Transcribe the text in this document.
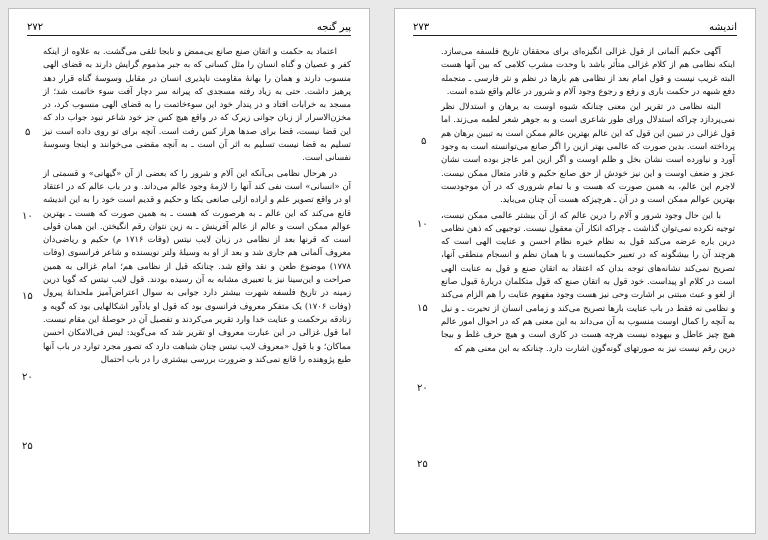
۲۷۲	پیر گنجه
۵
۱۰
۱۵
۲۰
۲۵

اعتماد به حکمت و اتقان صنع صانع بی‌ممض و نابجا تلقی می‌گشت. به علاوه از اینکه کفر و عصیان و گناه انسان را مثل کسانی که به جبر مذموم گرایش دارند به قضای الهی منسوب دارند و همان را بهانهٔ مقاومت ناپذیری انسان در مقابل وسوسهٔ گناه قرار دهد پرهیز داشت. حتی به زیاد رفته مسجدی که پیرانه سر دچار آفت سوء خاتمت شد؛ از مسجد به خرابات افتاد و در پندار خود این سوءخاتمت را به قضای الهی منسوب کرد، در مخزن‌الاسرار از زبان جوانی زیرک که در واقع هیچ کس جز خود شاعر نبود جواب داد که این قضا نیست، قضا برای صدها هزار کس رفت است. آنچه برای تو روی داده است نیز تسلیم به قضا نیست تسلیم به اثر آن است ـ به آنچه مقضی می‌خوانند و اینجا وسوسهٔ نفسانی است.

در هرحال نظامی بی‌آنکه این آلام و شرور را که بعضی از آن «گیهانی» و قسمتی از آن «انسانی» است نفی کند آنها را لازمهٔ وجود عالم می‌داند. و در باب عالم که در اعتقاد او در واقع تصویر علم و اراده ازلی صانعی یکتا و حکیم و قدیم است خود را به این اندیشه قانع می‌کند که این عالم ـ به هرصورت که هست ـ به همین صورت که هست ـ بهترین عوالم ممکن است و عالم از عالم آفرینش ـ به زین نتوان رقم انگیختن. این همان قولی است که قرنها بعد از نظامی در زبان لایب نیتس (وفات ۱۷۱۶ م) حکیم و ریاضی‌دان معروف آلمانی هم جاری شد و بعد از او به وسیلهٔ ولتر نویسنده و شاعر فرانسوی (وفات ۱۷۷۸) موضوع طعن و نقد واقع شد. چنانکه قبل از نظامی هم؛ امام غزالی به همین صراحت و این‌سینا نیز با تعبیری مشابه به آن رسیده بودند. قول لایب نیتس که گویا درین زمینه در تاریخ فلسفه شهرت بیشتر دارد جوابی به سوال اعتراض‌آمیز ملحدانهٔ پیرول (وفات ۱۷۰۶) یک متفکر معروف فرانسوی بود که قول او یادآور اشکالهایی بود که گویه و زنادقه برحکمت و عنایت خدا وارد تقریر می‌کردند و تفصیل آن در حوصلهٔ این مقام نیست. اما قول غزالی در این عبارت معروف او تقریر شد که می‌گوید: لیس فی‌الامکان احسن مماکان؛ و با قول «معروف لایب نیتس چنان شباهت دارد که تصور مجرد توارد در باب آنها طبع پژوهنده را قانع نمی‌کند و ضرورت بررسی بیشتری را در باب احتمال

۲۷۳	اندیشه
۵
۱۰
۱۵
۲۰
۲۵

آگهی حکیم آلمانی از قول غزالی انگیزه‌ای برای محققان تاریخ فلسفه می‌سازد. اینکه نظامی هم از کلام غزالی متأثر باشد با وحدت مشرب کلامی که بین آنها هست البته غریب نیست و قول امام بعد از نظامی هم بارها در نظم و نثر فارسی ـ منجمله دفع شبهه در حکمت باری و رفع و رجوع وجود آلام و شرور در عالم واقع شده است.

البته نظامی در تقریر این معنی چنانکه شیوه اوست به برهان و استدلال نظر نمی‌پردازد چراکه استدلال ورای طور شاعری است و به جوهر شعر لطمه می‌زند. اما قول غزالی در تبیین این قول که این عالم بهترین عالم ممکن است به تبیین برهان هم پرداخته است. بدین صورت که عالمی بهتر ازین را اگر صانع می‌توانسته است به وجود آورد و نیاورده است نشان بخل و ظلم اوست و اگر ازین امر عاجز بوده است نشان عجز و ضعف اوست و این نیز خودش از حق صانع حکیم و قادر متعال ممکن نیست. لاجرم این عالم، به همین صورت که هست و با تمام شروری که در آن موجودست بهترین عوالم ممکن است و در آن ـ هرچیزکه هست آن چنان می‌باید.

با این حال وجود شرور و آلام را درین عالم که از آن بیشتر عالمی ممکن نیست، توجیه نکرده نمی‌توان گذاشت ـ چراکه انکار آن معقول نیست. توجیهی که ذهن نظامی درین باره عرضه می‌کند قول به نظام خیره نظام احسن و عنایت الهی است که هرچند آن را بیشگونه که در تعبیر حکیمانست و با همان نظم و انسجام منطقی آنها، تصریح نمی‌کند نشانه‌های توجه بدان که اعتقاد به اتقان صنع و قول به عنایت الهی است در کلام او پیداست. خود قول به اتقان صنع که قول متکلمان دربارهٔ قبول صانع از لغو و عبث مبتنی بر اشارت وحی نیز هست وجود مفهوم عنایت را هم الزام می‌کند و نظامی نه فقط در باب عنایت بارها تصریح می‌کند و زمامی انسان از تحیرت ـ و نیل به آنچه را کمال اوست منسوب به آن می‌داند به این معنی هم که در احوال امور عالم هیچ چیز عاطل و بیهوده نیست هرچه هست در کاری است و هیچ حرف غلط و بیجا درین رقم نیست نیز به صورتهای گونه‌گون اشارت دارد. چنانکه به این معنی هم که
